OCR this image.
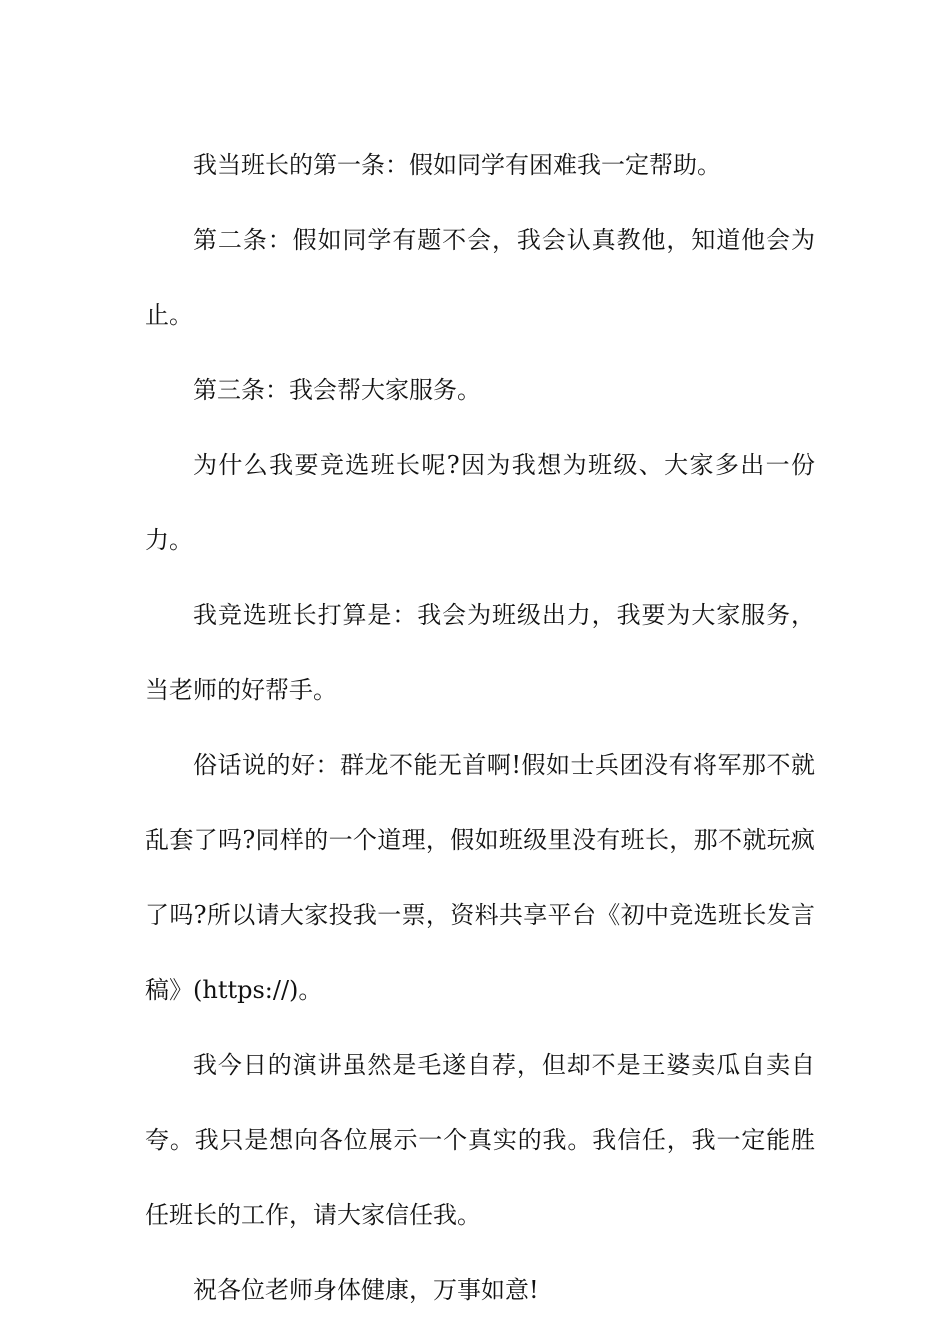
我当班长的第一条：假如同学有困难我一定帮助。

第二条：假如同学有题不会，我会认真教他，知道他会为止。

第三条：我会帮大家服务。

为什么我要竞选班长呢?因为我想为班级、大家多出一份力。

我竞选班长打算是：我会为班级出力，我要为大家服务，当老师的好帮手。

俗话说的好：群龙不能无首啊!假如士兵团没有将军那不就乱套了吗?同样的一个道理，假如班级里没有班长，那不就玩疯了吗?所以请大家投我一票，资料共享平台《初中竞选班长发言稿》(https://)。

我今日的演讲虽然是毛遂自荐，但却不是王婆卖瓜自卖自夸。我只是想向各位展示一个真实的我。我信任，我一定能胜任班长的工作，请大家信任我。

祝各位老师身体健康，万事如意!
